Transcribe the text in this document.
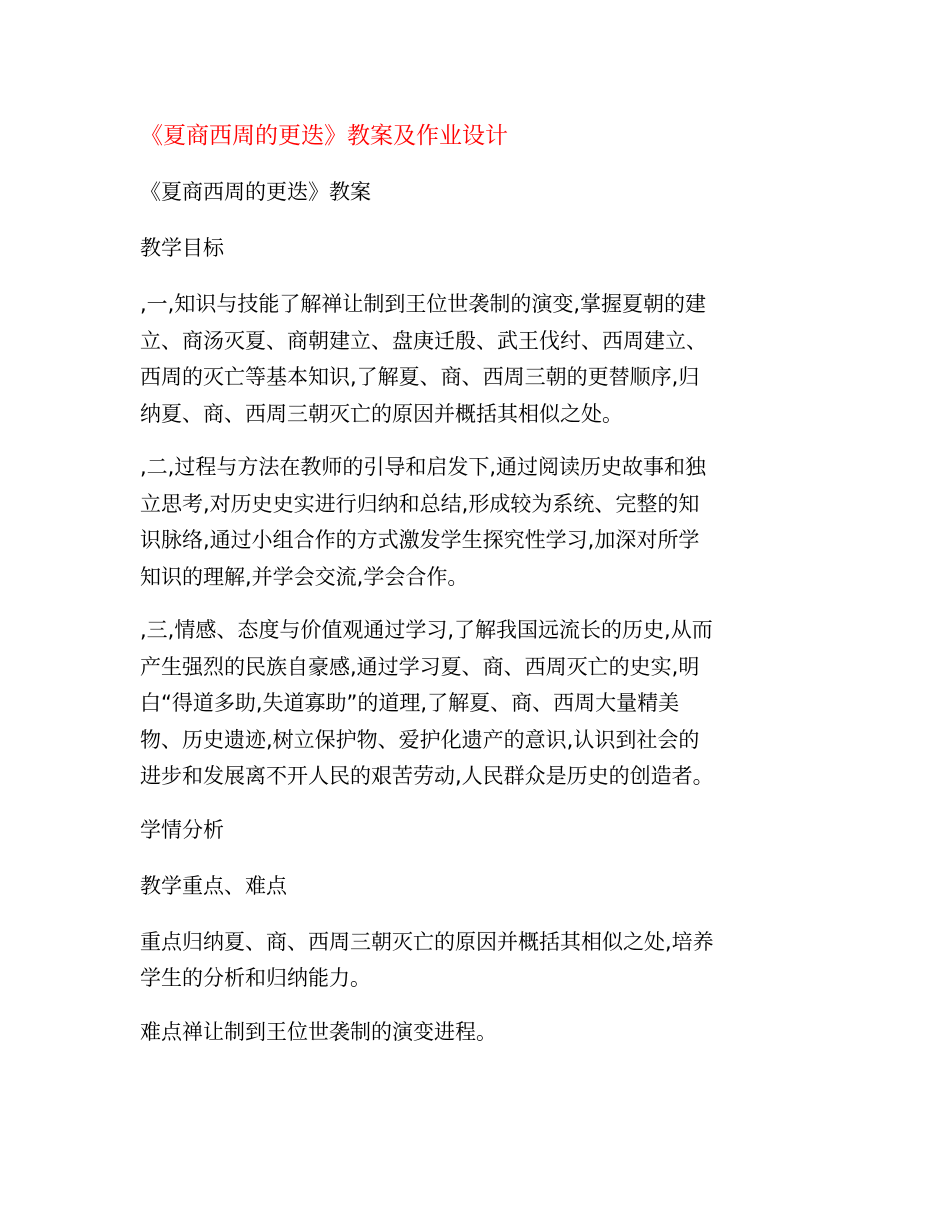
《夏商西周的更迭》教案及作业设计
《夏商西周的更迭》教案
教学目标
,一,知识与技能了解禅让制到王位世袭制的演变,掌握夏朝的建
立、商汤灭夏、商朝建立、盘庚迁殷、武王伐纣、西周建立、
西周的灭亡等基本知识,了解夏、商、西周三朝的更替顺序,归
纳夏、商、西周三朝灭亡的原因并概括其相似之处。
,二,过程与方法在教师的引导和启发下,通过阅读历史故事和独
立思考,对历史史实进行归纳和总结,形成较为系统、完整的知
识脉络,通过小组合作的方式激发学生探究性学习,加深对所学
知识的理解,并学会交流,学会合作。
,三,情感、态度与价值观通过学习,了解我国远流长的历史,从而
产生强烈的民族自豪感,通过学习夏、商、西周灭亡的史实,明
白“得道多助,失道寡助”的道理,了解夏、商、西周大量精美
物、历史遗迹,树立保护物、爱护化遗产的意识,认识到社会的
进步和发展离不开人民的艰苦劳动,人民群众是历史的创造者。
学情分析
教学重点、难点
重点归纳夏、商、西周三朝灭亡的原因并概括其相似之处,培养
学生的分析和归纳能力。
难点禅让制到王位世袭制的演变进程。
